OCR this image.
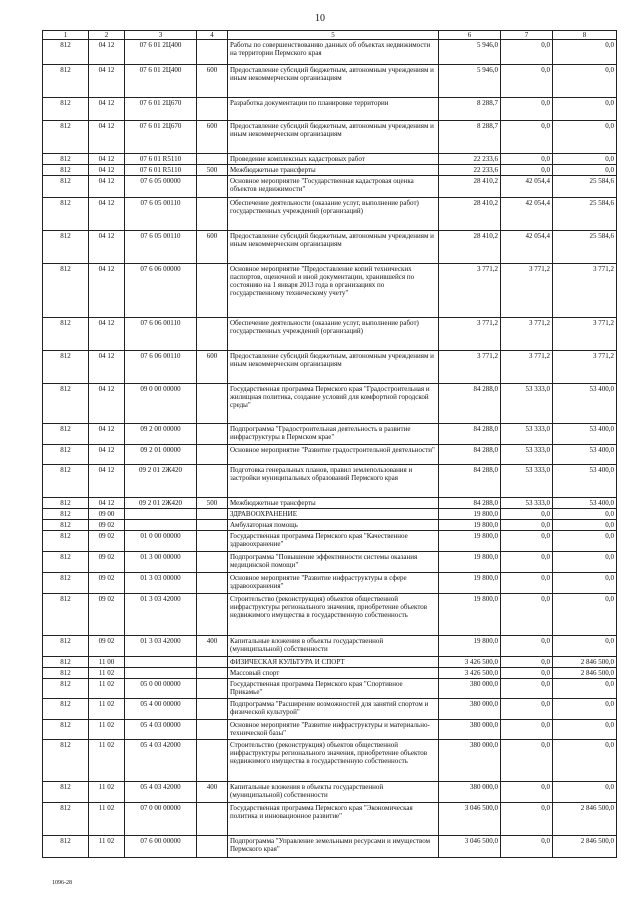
10
1	2	3	4	5	6	7	8
812	04 12	07 6 01 2Ц400		Работы по совершенствованию данных об объектах недвижимости на территории Пермского края	5 946,0	0,0	0,0
812	04 12	07 6 01 2Ц400	600	Предоставление субсидий бюджетным, автономным учреждениям и иным некоммерческим организациям	5 946,0	0,0	0,0
812	04 12	07 6 01 2Ц670		Разработка документации по планировке территории	8 288,7	0,0	0,0
812	04 12	07 6 01 2Ц670	600	Предоставление субсидий бюджетным, автономным учреждениям и иным некоммерческим организациям	8 288,7	0,0	0,0
812	04 12	07 6 01 R5110		Проведение комплексных кадастровых работ	22 233,6	0,0	0,0
812	04 12	07 6 01 R5110	500	Межбюджетные трансферты	22 233,6	0,0	0,0
812	04 12	07 6 05 00000		Основное мероприятие "Государственная кадастровая оценка объектов недвижимости"	28 410,2	42 054,4	25 584,6
812	04 12	07 6 05 00110		Обеспечение деятельности (оказание услуг, выполнение работ) государственных учреждений (организаций)	28 410,2	42 054,4	25 584,6
812	04 12	07 6 05 00110	600	Предоставление субсидий бюджетным, автономным учреждениям и иным некоммерческим организациям	28 410,2	42 054,4	25 584,6
812	04 12	07 6 06 00000		Основное мероприятие "Предоставление копий технических паспортов, оценочной и иной документации, хранившейся по состоянию на 1 января 2013 года в организациях по государственному техническому учету"	3 771,2	3 771,2	3 771,2
812	04 12	07 6 06 00110		Обеспечение деятельности (оказание услуг, выполнение работ) государственных учреждений (организаций)	3 771,2	3 771,2	3 771,2
812	04 12	07 6 06 00110	600	Предоставление субсидий бюджетным, автономным учреждениям и иным некоммерческим организациям	3 771,2	3 771,2	3 771,2
812	04 12	09 0 00 00000		Государственная программа Пермского края "Градостроительная и жилищная политика, создание условий для комфортной городской среды"	84 288,0	53 333,0	53 400,0
812	04 12	09 2 00 00000		Подпрограмма "Градостроительная деятельность в развитие инфраструктуры в Пермском крае"	84 288,0	53 333,0	53 400,0
812	04 12	09 2 01 00000		Основное мероприятие "Развитие градостроительной деятельности"	84 288,0	53 333,0	53 400,0
812	04 12	09 2 01 2Ж420		Подготовка генеральных планов, правил землепользования и застройки муниципальных образований Пермского края	84 288,0	53 333,0	53 400,0
812	04 12	09 2 01 2Ж420	500	Межбюджетные трансферты	84 288,0	53 333,0	53 400,0
812	09 00			ЗДРАВООХРАНЕНИЕ	19 800,0	0,0	0,0
812	09 02			Амбулаторная помощь	19 800,0	0,0	0,0
812	09 02	01 0 00 00000		Государственная программа Пермского края "Качественное здравоохранение"	19 800,0	0,0	0,0
812	09 02	01 3 00 00000		Подпрограмма "Повышение эффективности системы оказания медицинской помощи"	19 800,0	0,0	0,0
812	09 02	01 3 03 00000		Основное мероприятие "Развитие инфраструктуры в сфере здравоохранения"	19 800,0	0,0	0,0
812	09 02	01 3 03 42000		Строительство (реконструкция) объектов общественной инфраструктуры регионального значения, приобретение объектов недвижимого имущества в государственную собственность	19 800,0	0,0	0,0
812	09 02	01 3 03 42000	400	Капитальные вложения в объекты государственной (муниципальной) собственности	19 800,0	0,0	0,0
812	11 00			ФИЗИЧЕСКАЯ КУЛЬТУРА И СПОРТ	3 426 500,0	0,0	2 846 500,0
812	11 02			Массовый спорт	3 426 500,0	0,0	2 846 500,0
812	11 02	05 0 00 00000		Государственная программа Пермского края "Спортивное Прикамье"	380 000,0	0,0	0,0
812	11 02	05 4 00 00000		Подпрограмма "Расширение возможностей для занятий спортом и физической культурой"	380 000,0	0,0	0,0
812	11 02	05 4 03 00000		Основное мероприятие "Развитие инфраструктуры и материально-технической базы"	380 000,0	0,0	0,0
812	11 02	05 4 03 42000		Строительство (реконструкция) объектов общественной инфраструктуры регионального значения, приобретение объектов недвижимого имущества в государственную собственность	380 000,0	0,0	0,0
812	11 02	05 4 03 42000	400	Капитальные вложения в объекты государственной (муниципальной) собственности	380 000,0	0,0	0,0
812	11 02	07 0 00 00000		Государственная программа Пермского края "Экономическая политика и инновационное развитие"	3 046 500,0	0,0	2 846 500,0
812	11 02	07 6 00 00000		Подпрограмма "Управление земельными ресурсами и имуществом Пермского края"	3 046 500,0	0,0	2 846 500,0
1096-28
